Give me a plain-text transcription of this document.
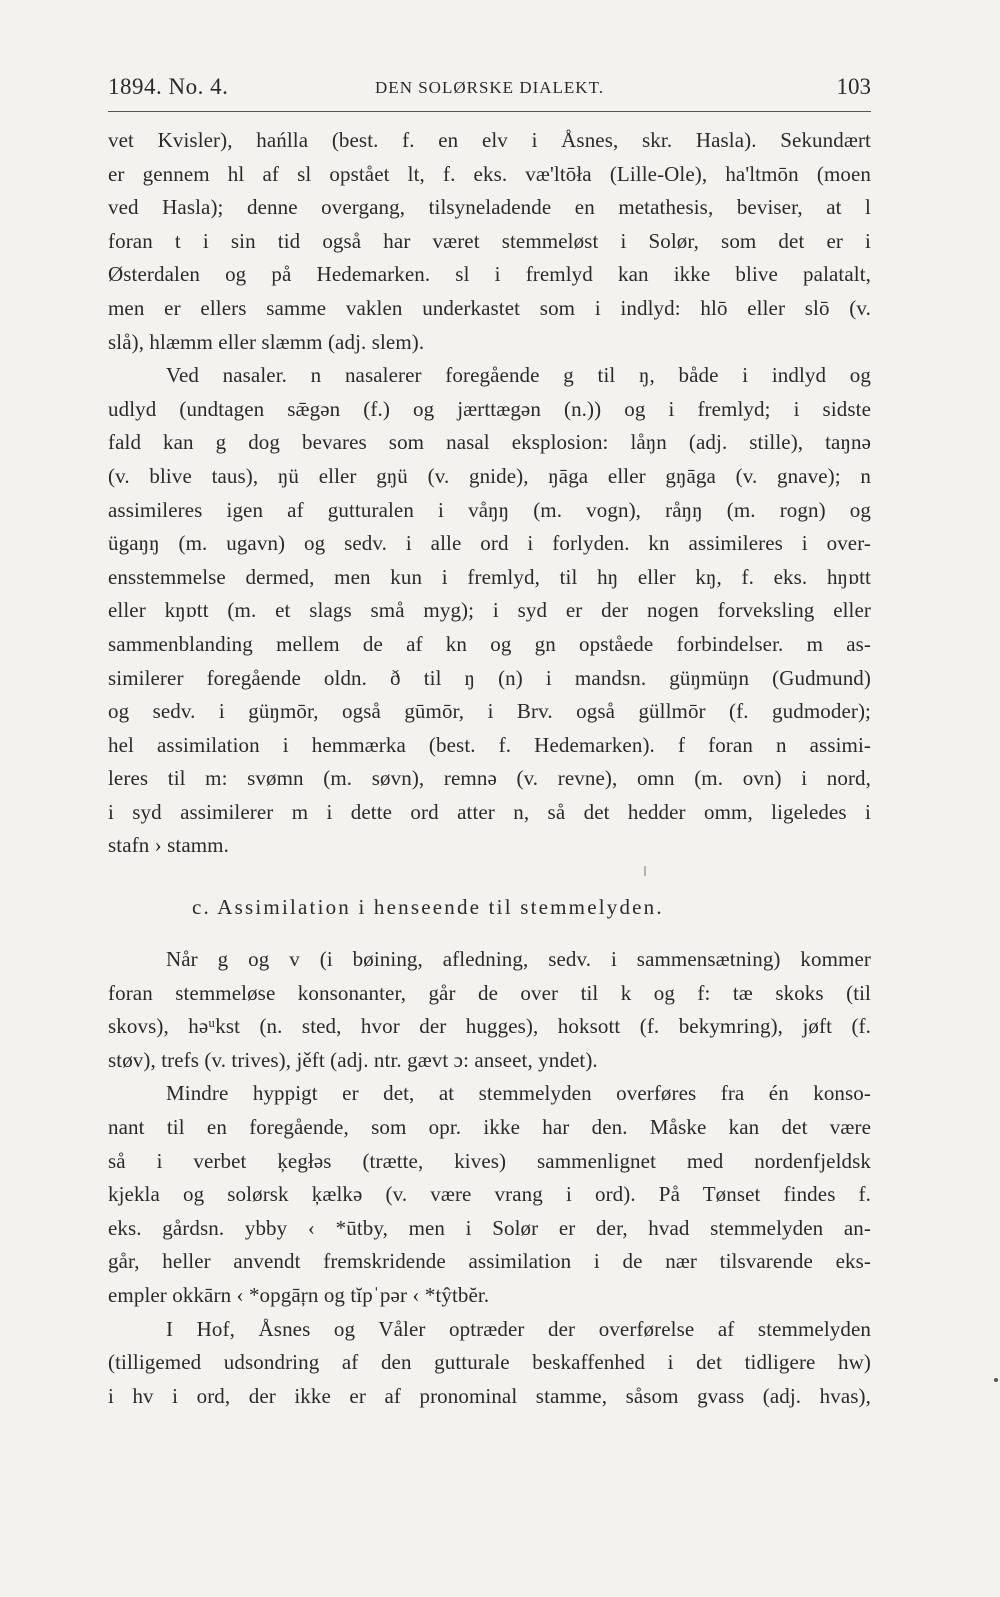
1894. No. 4.	DEN SOLØRSKE DIALEKT.	103
vet Kvisler), hańlla (best. f. en elv i Åsnes, skr. Hasla). Sekundært
er gennem hl af sl opstået lt, f. eks. væ'ltōła (Lille-Ole), ha'ltmōn (moen
ved Hasla); denne overgang, tilsyneladende en metathesis, beviser, at l
foran t i sin tid også har været stemmeløst i Solør, som det er i
Østerdalen og på Hedemarken. sl i fremlyd kan ikke blive palatalt,
men er ellers samme vaklen underkastet som i indlyd: hlō eller slō (v.
slå), hlæmm eller slæmm (adj. slem).
Ved nasaler. n nasalerer foregående g til ŋ, både i indlyd og
udlyd (undtagen sǣgən (f.) og jærttægən (n.)) og i fremlyd; i sidste
fald kan g dog bevares som nasal eksplosion: låŋn (adj. stille), taŋnə
(v. blive taus), ŋü eller gŋü (v. gnide), ŋāga eller gŋāga (v. gnave); n
assimileres igen af gutturalen i våŋŋ (m. vogn), råŋŋ (m. rogn) og
ügaŋŋ (m. ugavn) og sedv. i alle ord i forlyden. kn assimileres i over-
ensstemmelse dermed, men kun i fremlyd, til hŋ eller kŋ, f. eks. hŋɒtt
eller kŋɒtt (m. et slags små myg); i syd er der nogen forveksling eller
sammenblanding mellem de af kn og gn opståede forbindelser. m as-
similerer foregående oldn. ð til ŋ (n) i mandsn. güŋmüŋn (Gudmund)
og sedv. i güŋmōr, også gūmōr, i Brv. også güllmōr (f. gudmoder);
hel assimilation i hemmærka (best. f. Hedemarken). f foran n assimi-
leres til m: svømn (m. søvn), remnə (v. revne), omn (m. ovn) i nord,
i syd assimilerer m i dette ord atter n, så det hedder omm, ligeledes i
stafn › stamm.
c. Assimilation i henseende til stemmelyden.
Når g og v (i bøining, afledning, sedv. i sammensætning) kommer
foran stemmeløse konsonanter, går de over til k og f: tæ skoks (til
skovs), həᵘkst (n. sted, hvor der hugges), hoksott (f. bekymring), jøft (f.
støv), trefs (v. trives), jěft (adj. ntr. gævt ɔ: anseet, yndet).
Mindre hyppigt er det, at stemmelyden overføres fra én konso-
nant til en foregående, som opr. ikke har den. Måske kan det være
så i verbet ķegłəs (trætte, kives) sammenlignet med nordenfjeldsk
kjekla og solørsk ķælkə (v. være vrang i ord). På Tønset findes f.
eks. gårdsn. ybby ‹ *ūtby, men i Solør er der, hvad stemmelyden an-
går, heller anvendt fremskridende assimilation i de nær tilsvarende eks-
empler okkārn ‹ *opgāŗn og tĭpˈpər ‹ *tŷtbĕr.
I Hof, Åsnes og Våler optræder der overførelse af stemmelyden
(tilligemed udsondring af den gutturale beskaffenhed i det tidligere hw)
i hv i ord, der ikke er af pronominal stamme, såsom gvass (adj. hvas),
